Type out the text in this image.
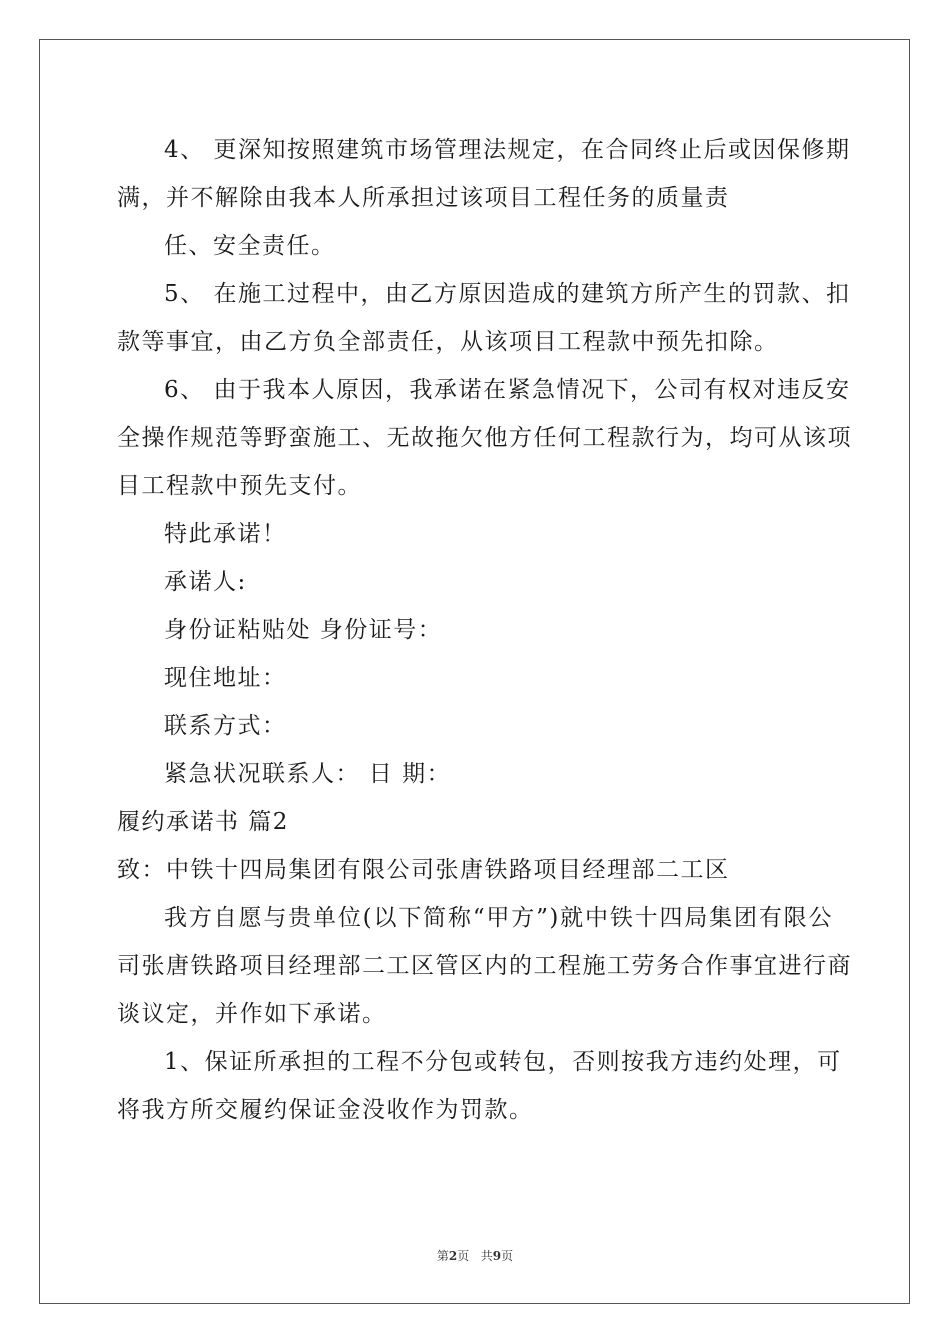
4、 更深知按照建筑市场管理法规定，在合同终止后或因保修期
满，并不解除由我本人所承担过该项目工程任务的质量责
任、安全责任。
5、 在施工过程中，由乙方原因造成的建筑方所产生的罚款、扣
款等事宜，由乙方负全部责任，从该项目工程款中预先扣除。
6、 由于我本人原因，我承诺在紧急情况下，公司有权对违反安
全操作规范等野蛮施工、无故拖欠他方任何工程款行为，均可从该项
目工程款中预先支付。
特此承诺！
承诺人:
身份证粘贴处 身份证号：
现住地址：
联系方式：
紧急状况联系人： 日 期：
履约承诺书 篇2
致：中铁十四局集团有限公司张唐铁路项目经理部二工区
我方自愿与贵单位(以下简称“甲方”)就中铁十四局集团有限公
司张唐铁路项目经理部二工区管区内的工程施工劳务合作事宜进行商
谈议定，并作如下承诺。
1、保证所承担的工程不分包或转包，否则按我方违约处理，可
将我方所交履约保证金没收作为罚款。
第2页 共9页
